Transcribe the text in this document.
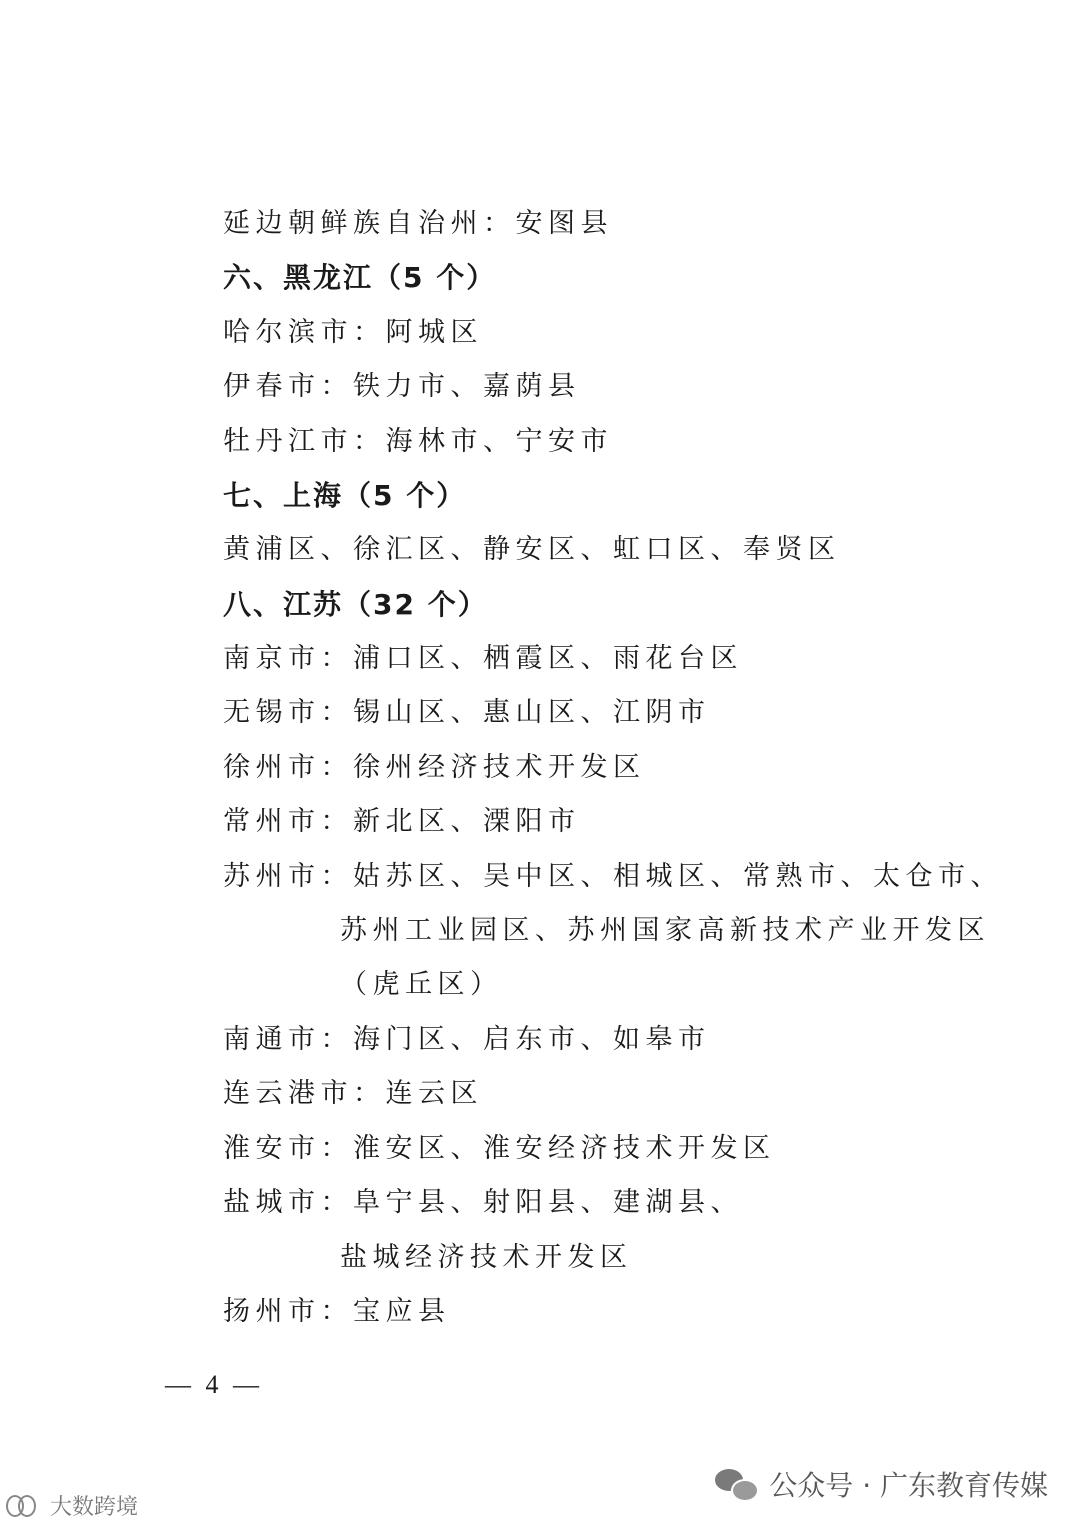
延边朝鲜族自治州：安图县
六、黑龙江（5 个）
哈尔滨市：阿城区
伊春市：铁力市、嘉荫县
牡丹江市：海林市、宁安市
七、上海（5 个）
黄浦区、徐汇区、静安区、虹口区、奉贤区
八、江苏（32 个）
南京市：浦口区、栖霞区、雨花台区
无锡市：锡山区、惠山区、江阴市
徐州市：徐州经济技术开发区
常州市：新北区、溧阳市
苏州市：姑苏区、吴中区、相城区、常熟市、太仓市、
苏州工业园区、苏州国家高新技术产业开发区
（虎丘区）
南通市：海门区、启东市、如皋市
连云港市：连云区
淮安市：淮安区、淮安经济技术开发区
盐城市：阜宁县、射阳县、建湖县、
盐城经济技术开发区
扬州市：宝应县
— 4 —
公众号 · 广东教育传媒
大数跨境
